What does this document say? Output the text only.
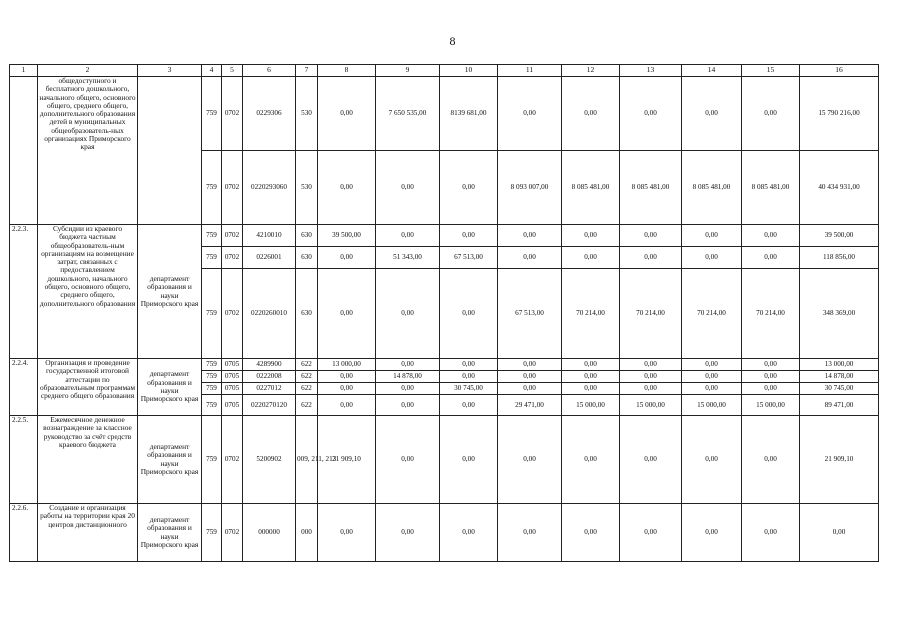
8
1	2	3	4	5	6	7	8	9	10	11	12	13	14	15	16
	общедоступного и бесплатного дошкольного, начального общего, основного общего, среднего общего, дополнительного образования детей в муниципальных общеобразователь-ных организациях Приморского края		759	0702	0229306	530	0,00	7 650 535,00	8139 681,00	0,00	0,00	0,00	0,00	0,00	15 790 216,00
			759	0702	0220293060	530	0,00	0,00	0,00	8 093 007,00	8 085 481,00	8 085 481,00	8 085 481,00	8 085 481,00	40 434 931,00
2.2.3.	Субсидии из краевого бюджета частным общеобразователь-ным организациям на возмещение затрат, связанных с предоставлением дошкольного, начального общего, основного общего, среднего общего, дополнительного образования	департамент образования и науки Приморского края	759	0702	4210010	630	39 500,00	0,00	0,00	0,00	0,00	0,00	0,00	0,00	39 500,00
			759	0702	0226001	630	0,00	51 343,00	67 513,00	0,00	0,00	0,00	0,00	0,00	118 856,00
			759	0702	0220260010	630	0,00	0,00	0,00	67 513,00	70 214,00	70 214,00	70 214,00	70 214,00	348 369,00
2.2.4.	Организация и проведение государственной итоговой аттестации по образовательным программам среднего общего образования	департамент образования и науки Приморского края	759	0705	4289900	622	13 000,00	0,00	0,00	0,00	0,00	0,00	0,00	0,00	13 000,00
			759	0705	0222008	622	0,00	14 878,00	0,00	0,00	0,00	0,00	0,00	0,00	14 878,00
			759	0705	0227012	622	0,00	0,00	30 745,00	0,00	0,00	0,00	0,00	0,00	30 745,00
			759	0705	0220270120	622	0,00	0,00	0,00	29 471,00	15 000,00	15 000,00	15 000,00	15 000,00	89 471,00
2.2.5.	Ежемесячное денежное вознаграждение за классное руководство за счёт средств краевого бюджета	департамент образования и науки Приморского края	759	0702	5200902	009, 211, 213	21 909,10	0,00	0,00	0,00	0,00	0,00	0,00	0,00	21 909,10
2.2.6.	Создание и организация работы на территории края 20 центров дистанционного	департамент образования и науки Приморского края	759	0702	000000	000	0,00	0,00	0,00	0,00	0,00	0,00	0,00	0,00	0,00
